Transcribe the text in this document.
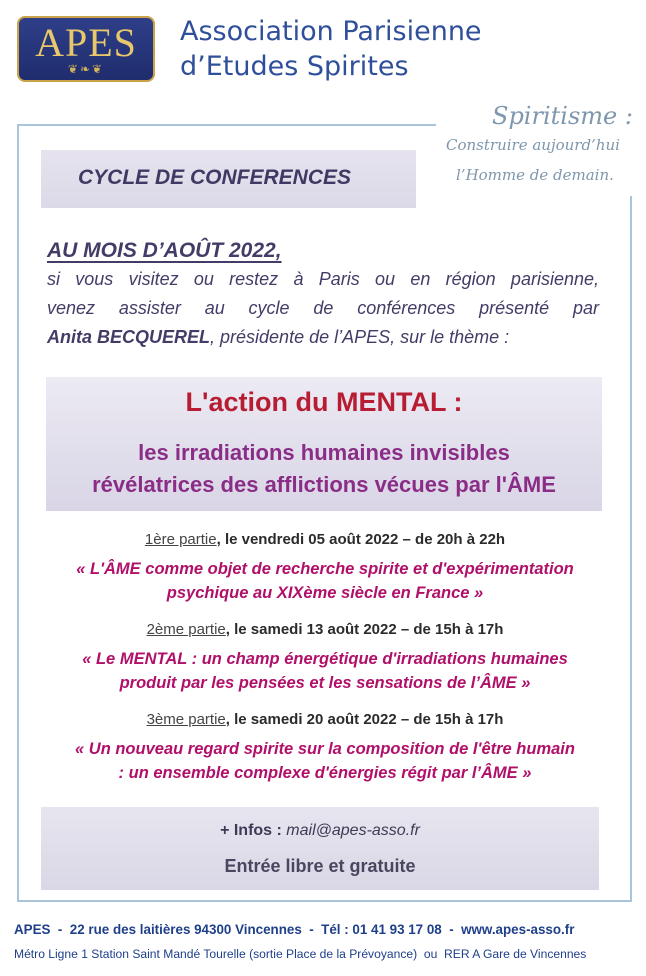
APES
❦❧❦
Association Parisienne
d’Etudes Spirites
Spiritisme :
Construire aujourd’hui
l’Homme de demain.
CYCLE DE CONFERENCES
AU MOIS D’AOÛT 2022,
si vous visitez ou restez à Paris ou en région parisienne,
venez assister au cycle de conférences présenté par
Anita BECQUEREL, présidente de l’APES, sur le thème :
L'action du MENTAL :
les irradiations humaines invisibles
révélatrices des afflictions vécues par l'ÂME
1ère partie, le vendredi 05 août 2022 – de 20h à 22h
« L'ÂME comme objet de recherche spirite et d'expérimentation
psychique au XIXème siècle en France »
2ème partie, le samedi 13 août 2022 – de 15h à 17h
« Le MENTAL : un champ énergétique d'irradiations humaines
produit par les pensées et les sensations de l’ÂME »
3ème partie, le samedi 20 août 2022 – de 15h à 17h
« Un nouveau regard spirite sur la composition de l'être humain
: un ensemble complexe d'énergies régit par l’ÂME »
+ Infos : mail@apes-asso.fr
Entrée libre et gratuite
APES  -  22 rue des laitières 94300 Vincennes  -  Tél : 01 41 93 17 08  -  www.apes-asso.fr
Métro Ligne 1 Station Saint Mandé Tourelle (sortie Place de la Prévoyance)  ou  RER A Gare de Vincennes
